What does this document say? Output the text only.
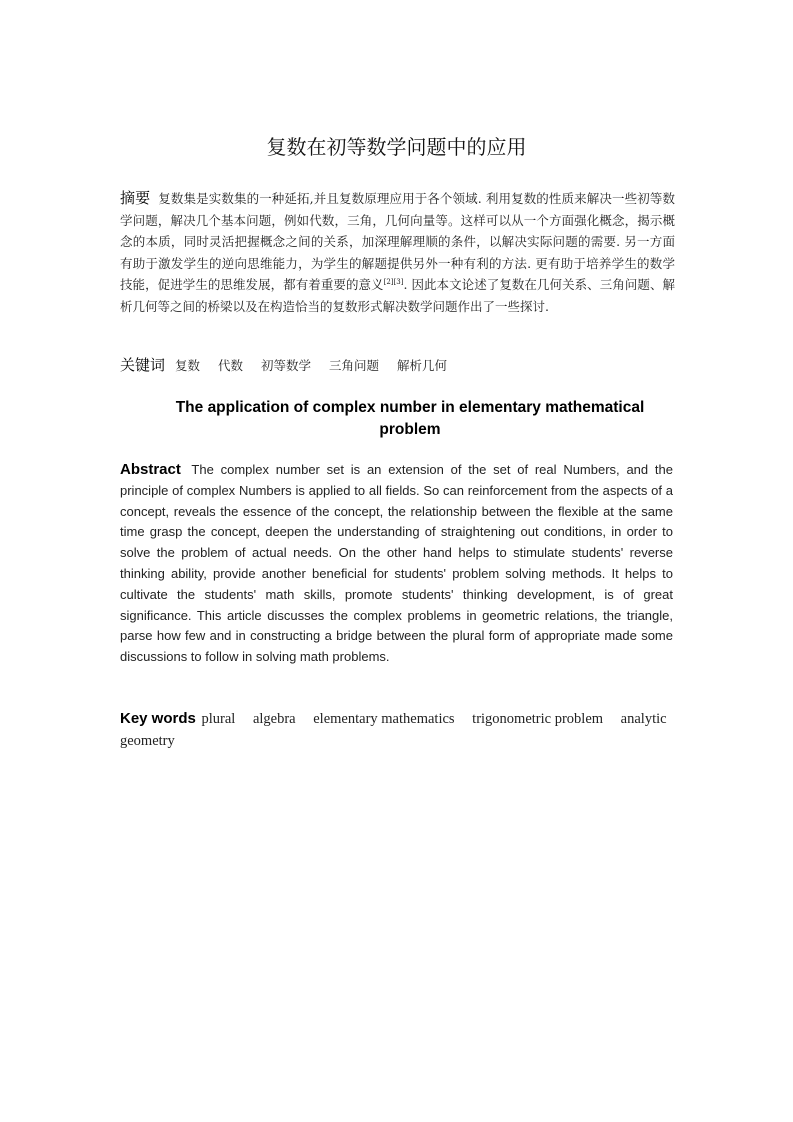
复数在初等数学问题中的应用
摘要 复数集是实数集的一种延拓,并且复数原理应用于各个领域. 利用复数的性质来解决一些初等数学问题，解决几个基本问题，例如代数，三角，几何向量等。这样可以从一个方面强化概念，揭示概念的本质，同时灵活把握概念之间的关系，加深理解理顺的条件，以解决实际问题的需要. 另一方面有助于激发学生的逆向思维能力，为学生的解题提供另外一种有利的方法. 更有助于培养学生的数学技能，促进学生的思维发展，都有着重要的意义[2][3]. 因此本文论述了复数在几何关系、三角问题、解析几何等之间的桥梁以及在构造恰当的复数形式解决数学问题作出了一些探讨.
关键词 复数 代数 初等数学 三角问题 解析几何
The application of complex number in elementary mathematical problem
Abstract The complex number set is an extension of the set of real Numbers, and the principle of complex Numbers is applied to all fields. So can reinforcement from the aspects of a concept, reveals the essence of the concept, the relationship between the flexible at the same time grasp the concept, deepen the understanding of straightening out conditions, in order to solve the problem of actual needs. On the other hand helps to stimulate students' reverse thinking ability, provide another beneficial for students' problem solving methods. It helps to cultivate the students' math skills, promote students' thinking development, is of great significance. This article discusses the complex problems in geometric relations, the triangle, parse how few and in constructing a bridge between the plural form of appropriate made some discussions to follow in solving math problems.
Key words plural algebra elementary mathematics trigonometric problem analytic geometry
